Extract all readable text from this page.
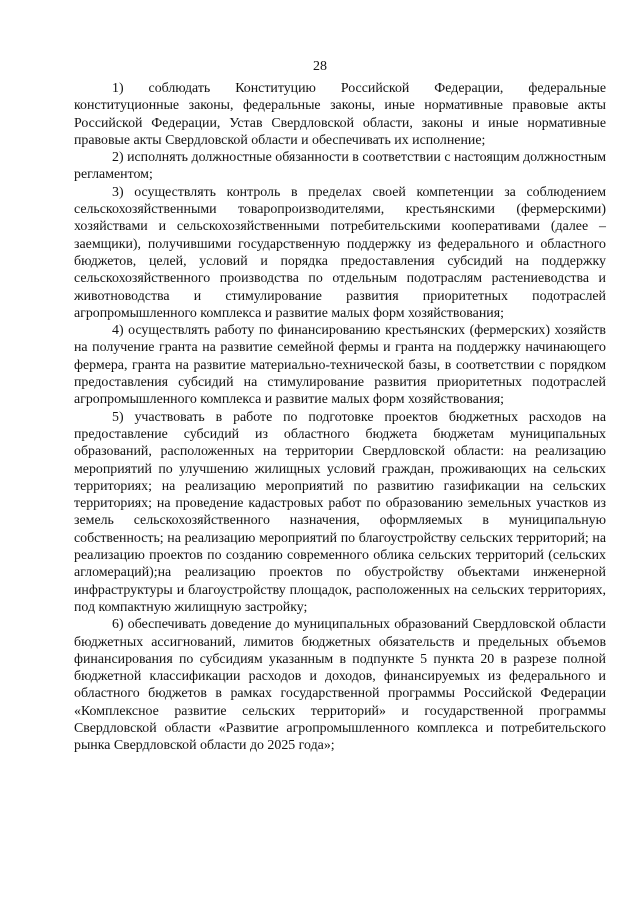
28

1) соблюдать Конституцию Российской Федерации, федеральные конституционные законы, федеральные законы, иные нормативные правовые акты Российской Федерации, Устав Свердловской области, законы и иные нормативные правовые акты Свердловской области и обеспечивать их исполнение;

2) исполнять должностные обязанности в соответствии с настоящим должностным регламентом;

3) осуществлять контроль в пределах своей компетенции за соблюдением сельскохозяйственными товаропроизводителями, крестьянскими (фермерскими) хозяйствами и сельскохозяйственными потребительскими кооперативами (далее – заемщики), получившими государственную поддержку из федерального и областного бюджетов, целей, условий и порядка предоставления субсидий на поддержку сельскохозяйственного производства по отдельным подотраслям растениеводства и животноводства и стимулирование развития приоритетных подотраслей агропромышленного комплекса и развитие малых форм хозяйствования;

4) осуществлять работу по финансированию крестьянских (фермерских) хозяйств на получение гранта на развитие семейной фермы и гранта на поддержку начинающего фермера, гранта на развитие материально-технической базы, в соответствии с порядком предоставления субсидий на стимулирование развития приоритетных подотраслей агропромышленного комплекса и развитие малых форм хозяйствования;

5) участвовать в работе по подготовке проектов бюджетных расходов на предоставление субсидий из областного бюджета бюджетам муниципальных образований, расположенных на территории Свердловской области: на реализацию мероприятий по улучшению жилищных условий граждан, проживающих на сельских территориях; на реализацию мероприятий по развитию газификации на сельских территориях; на проведение кадастровых работ по образованию земельных участков из земель сельскохозяйственного назначения, оформляемых в муниципальную собственность; на реализацию мероприятий по благоустройству сельских территорий; на реализацию проектов по созданию современного облика сельских территорий (сельских агломераций);на реализацию проектов по обустройству объектами инженерной инфраструктуры и благоустройству площадок, расположенных на сельских территориях, под компактную жилищную застройку;

6) обеспечивать доведение до муниципальных образований Свердловской области бюджетных ассигнований, лимитов бюджетных обязательств и предельных объемов финансирования по субсидиям указанным в подпункте 5 пункта 20 в разрезе полной бюджетной классификации расходов и доходов, финансируемых из федерального и областного бюджетов в рамках государственной программы Российской Федерации «Комплексное развитие сельских территорий» и государственной программы Свердловской области «Развитие агропромышленного комплекса и потребительского рынка Свердловской области до 2025 года»;
